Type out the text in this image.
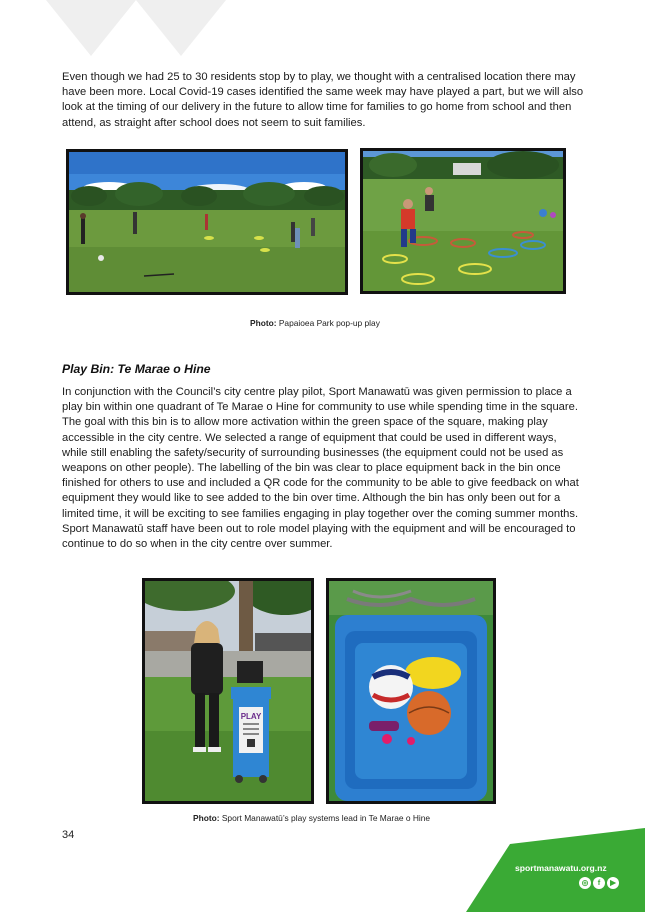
Even though we had 25 to 30 residents stop by to play, we thought with a centralised location there may have been more. Local Covid-19 cases identified the same week may have played a part, but we will also look at the timing of our delivery in the future to allow time for families to go home from school and then attend, as straight after school does not seem to suit families.

Photo: Papaioea Park pop-up play
Play Bin: Te Marae o Hine

In conjunction with the Council’s city centre play pilot, Sport Manawatū was given permission to place a play bin within one quadrant of Te Marae o Hine for community to use while spending time in the square. The goal with this bin is to allow more activation within the green space of the square, making play accessible in the city centre. We selected a range of equipment that could be used in different ways, while still enabling the safety/security of surrounding businesses (the equipment could not be used as weapons on other people). The labelling of the bin was clear to place equipment back in the bin once finished for others to use and included a QR code for the community to be able to give feedback on what equipment they would like to see added to the bin over time. Although the bin has only been out for a limited time, it will be exciting to see families engaging in play together over the coming summer months. Sport Manawatū staff have been out to role model playing with the equipment and will be encouraged to continue to do so when in the city centre over summer.

PLAY
Photo: Sport Manawatū’s play systems lead in Te Marae o Hine
34
sportmanawatu.org.nz
◎	f	▶
